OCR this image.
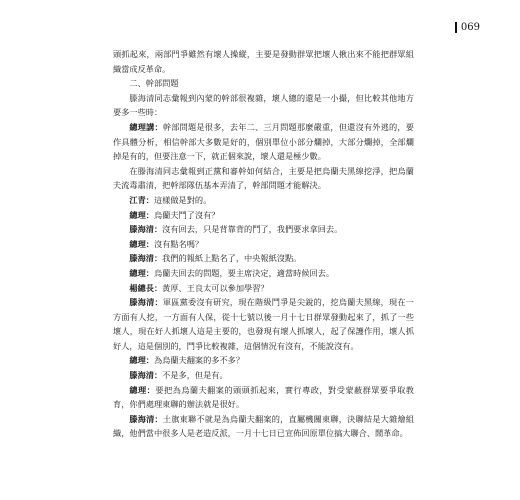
069

頭抓起來，兩部門爭雖然有壞人操縱，主要是發動群眾把壞人揪出來不能把群眾組織當成反革命。

二、幹部問題

滕海清同志彙報到內蒙的幹部很複雜，壞人總的還是一小撮，但比較其他地方要多一些時：

總理講：幹部問題是很多，去年二、三月問題那麼嚴重，但還沒有外逃的，要作具體分析，相信幹部大多數是好的，個別單位小部分爛掉，大部分爛掉，全部爛掉是有的，但要注意一下，就正個來說，壞人還是極少數。

在滕海清同志彙報到正黨和審幹如何結合，主要是把烏蘭夫黑線挖淨，把烏蘭夫流毒肅清，把幹部隊伍基本弄清了，幹部問題才能解決。

江青：這樣做是對的。

總理：烏蘭夫鬥了沒有？

滕海清：沒有回去，只是背靠背的鬥了，我們要求拿回去。

總理：沒有點名嗎？

滕海清：我們的報紙上點名了，中央報紙沒點。

總理：烏蘭夫回去的問題，要主席決定，適當時候回去。

楊總長：黃厚、王良太可以參加學習？

滕海清：軍區黨委沒有研究，現在階級鬥爭是尖銳的，挖烏蘭夫黑線，現在一方面有人挖，一方面有人保，從十七號以後一月十七日群眾發動起來了，抓了一些壞人，現在好人抓壞人這是主要的，也發現有壞人抓壞人，起了保護作用，壞人抓好人，這是個別的，鬥爭比較複雜，這個情況有沒有，不能說沒有。

總理：為烏蘭夫翻案的多不多？

滕海清：不是多，但是有。

總理：要把為烏蘭夫翻案的頭頭抓起來，實行專政，對受蒙蔽群眾要爭取教育，你們處理東聯的辦法就是很好。

滕海清：土旗東聯不就是為烏蘭夫翻案的，直屬機關東聯，決聯結是大雜燴組織，他們當中很多人是老造反派，一月十七日已宣佈回原單位搞大聯合、鬧革命。
